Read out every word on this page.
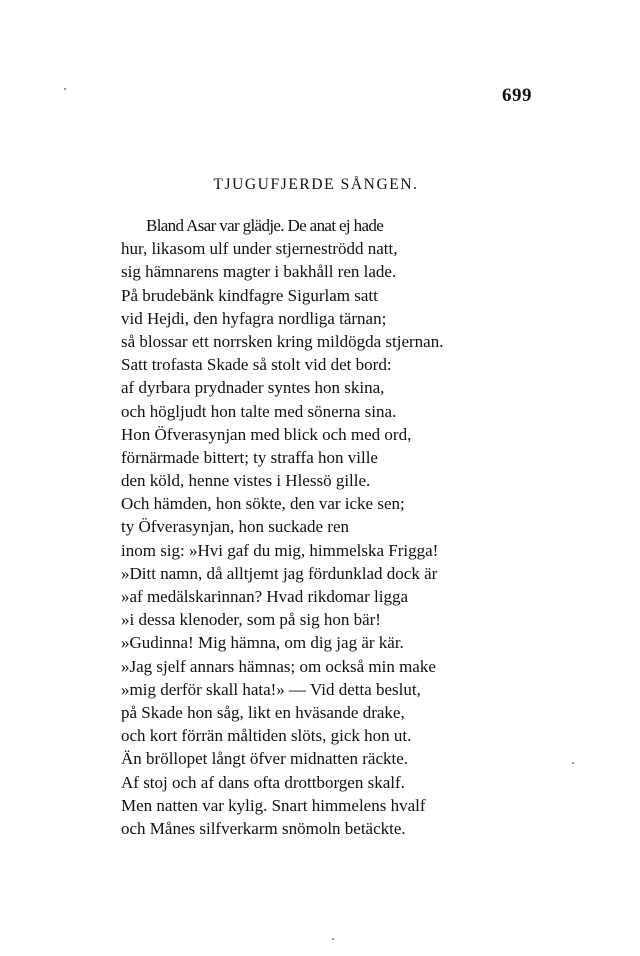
699
TJUGUFJERDE SÅNGEN.
Bland Asar var glädje. De anat ej hade
hur, likasom ulf under stjerneströdd natt,
sig hämnarens magter i bakhåll ren lade.
På brudebänk kindfagre Sigurlam satt
vid Hejdi, den hyfagra nordliga tärnan;
så blossar ett norrsken kring mildögda stjernan.
Satt trofasta Skade så stolt vid det bord:
af dyrbara prydnader syntes hon skina,
och högljudt hon talte med sönerna sina.
Hon Öfverasynjan med blick och med ord,
förnärmade bittert; ty straffa hon ville
den köld, henne vistes i Hlessö gille.
Och hämden, hon sökte, den var icke sen;
ty Öfverasynjan, hon suckade ren
inom sig: »Hvi gaf du mig, himmelska Frigga!
»Ditt namn, då alltjemt jag fördunklad dock är
»af medälskarinnan? Hvad rikdomar ligga
»i dessa klenoder, som på sig hon bär!
»Gudinna! Mig hämna, om dig jag är kär.
»Jag sjelf annars hämnas; om också min make
»mig derför skall hata!» — Vid detta beslut,
på Skade hon såg, likt en hväsande drake,
och kort förrän måltiden slöts, gick hon ut.
Än bröllopet långt öfver midnatten räckte.
Af stoj och af dans ofta drottborgen skalf.
Men natten var kylig. Snart himmelens hvalf
och Månes silfverkarm snömoln betäckte.
